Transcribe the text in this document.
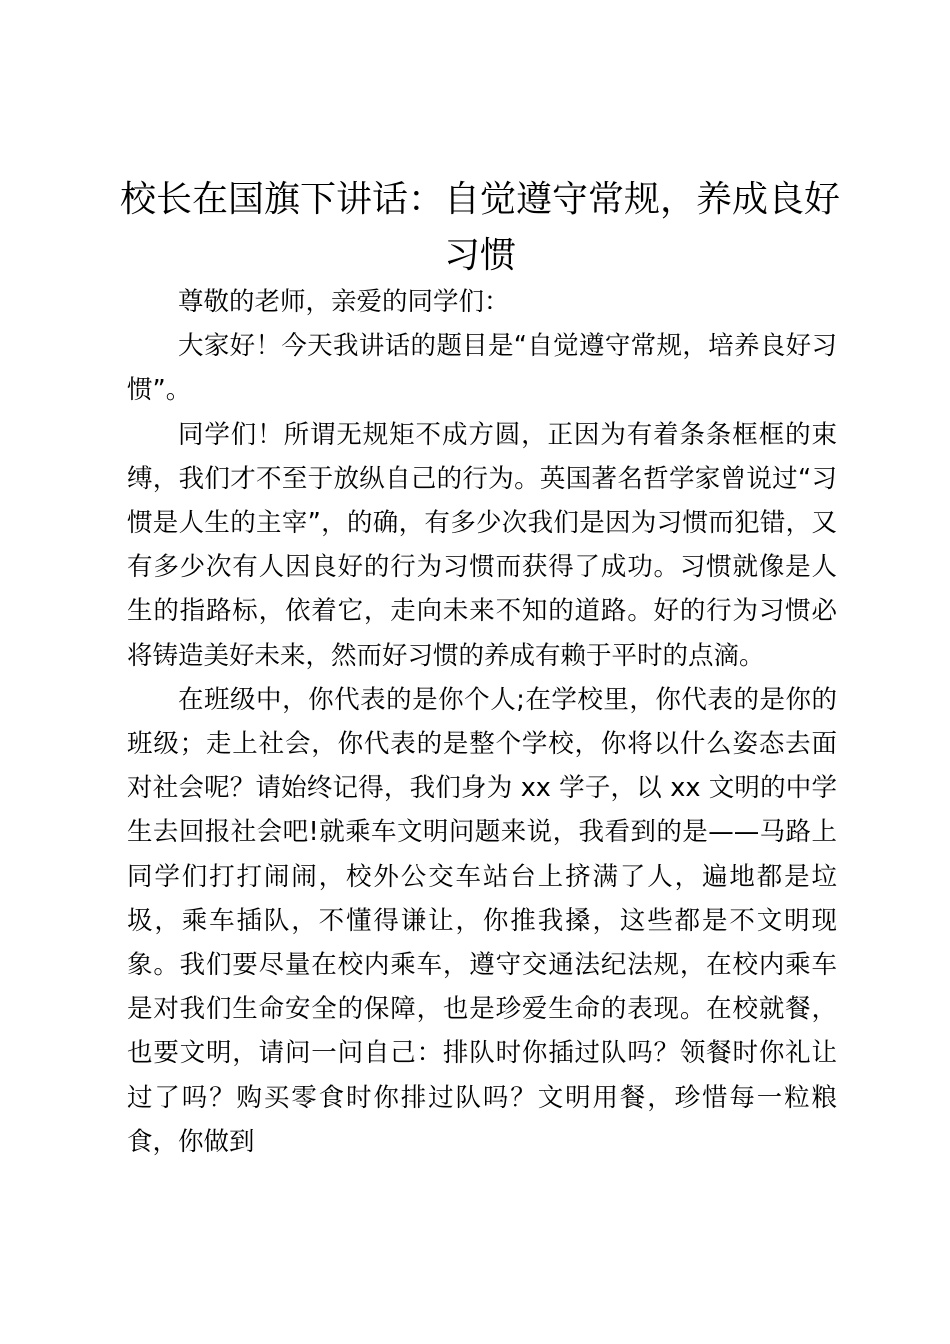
校长在国旗下讲话：自觉遵守常规，养成良好习惯

尊敬的老师，亲爱的同学们：

大家好！今天我讲话的题目是“自觉遵守常规，培养良好习惯”。

同学们！所谓无规矩不成方圆，正因为有着条条框框的束缚，我们才不至于放纵自己的行为。英国著名哲学家曾说过“习惯是人生的主宰”，的确，有多少次我们是因为习惯而犯错，又有多少次有人因良好的行为习惯而获得了成功。习惯就像是人生的指路标，依着它，走向未来不知的道路。好的行为习惯必将铸造美好未来，然而好习惯的养成有赖于平时的点滴。

在班级中，你代表的是你个人;在学校里，你代表的是你的班级；走上社会，你代表的是整个学校，你将以什么姿态去面对社会呢？请始终记得，我们身为 xx 学子，以 xx 文明的中学生去回报社会吧!就乘车文明问题来说，我看到的是——马路上同学们打打闹闹，校外公交车站台上挤满了人，遍地都是垃圾，乘车插队，不懂得谦让，你推我搡，这些都是不文明现象。我们要尽量在校内乘车，遵守交通法纪法规，在校内乘车是对我们生命安全的保障，也是珍爱生命的表现。在校就餐，也要文明，请问一问自己：排队时你插过队吗？领餐时你礼让过了吗？购买零食时你排过队吗？文明用餐，珍惜每一粒粮食，你做到
